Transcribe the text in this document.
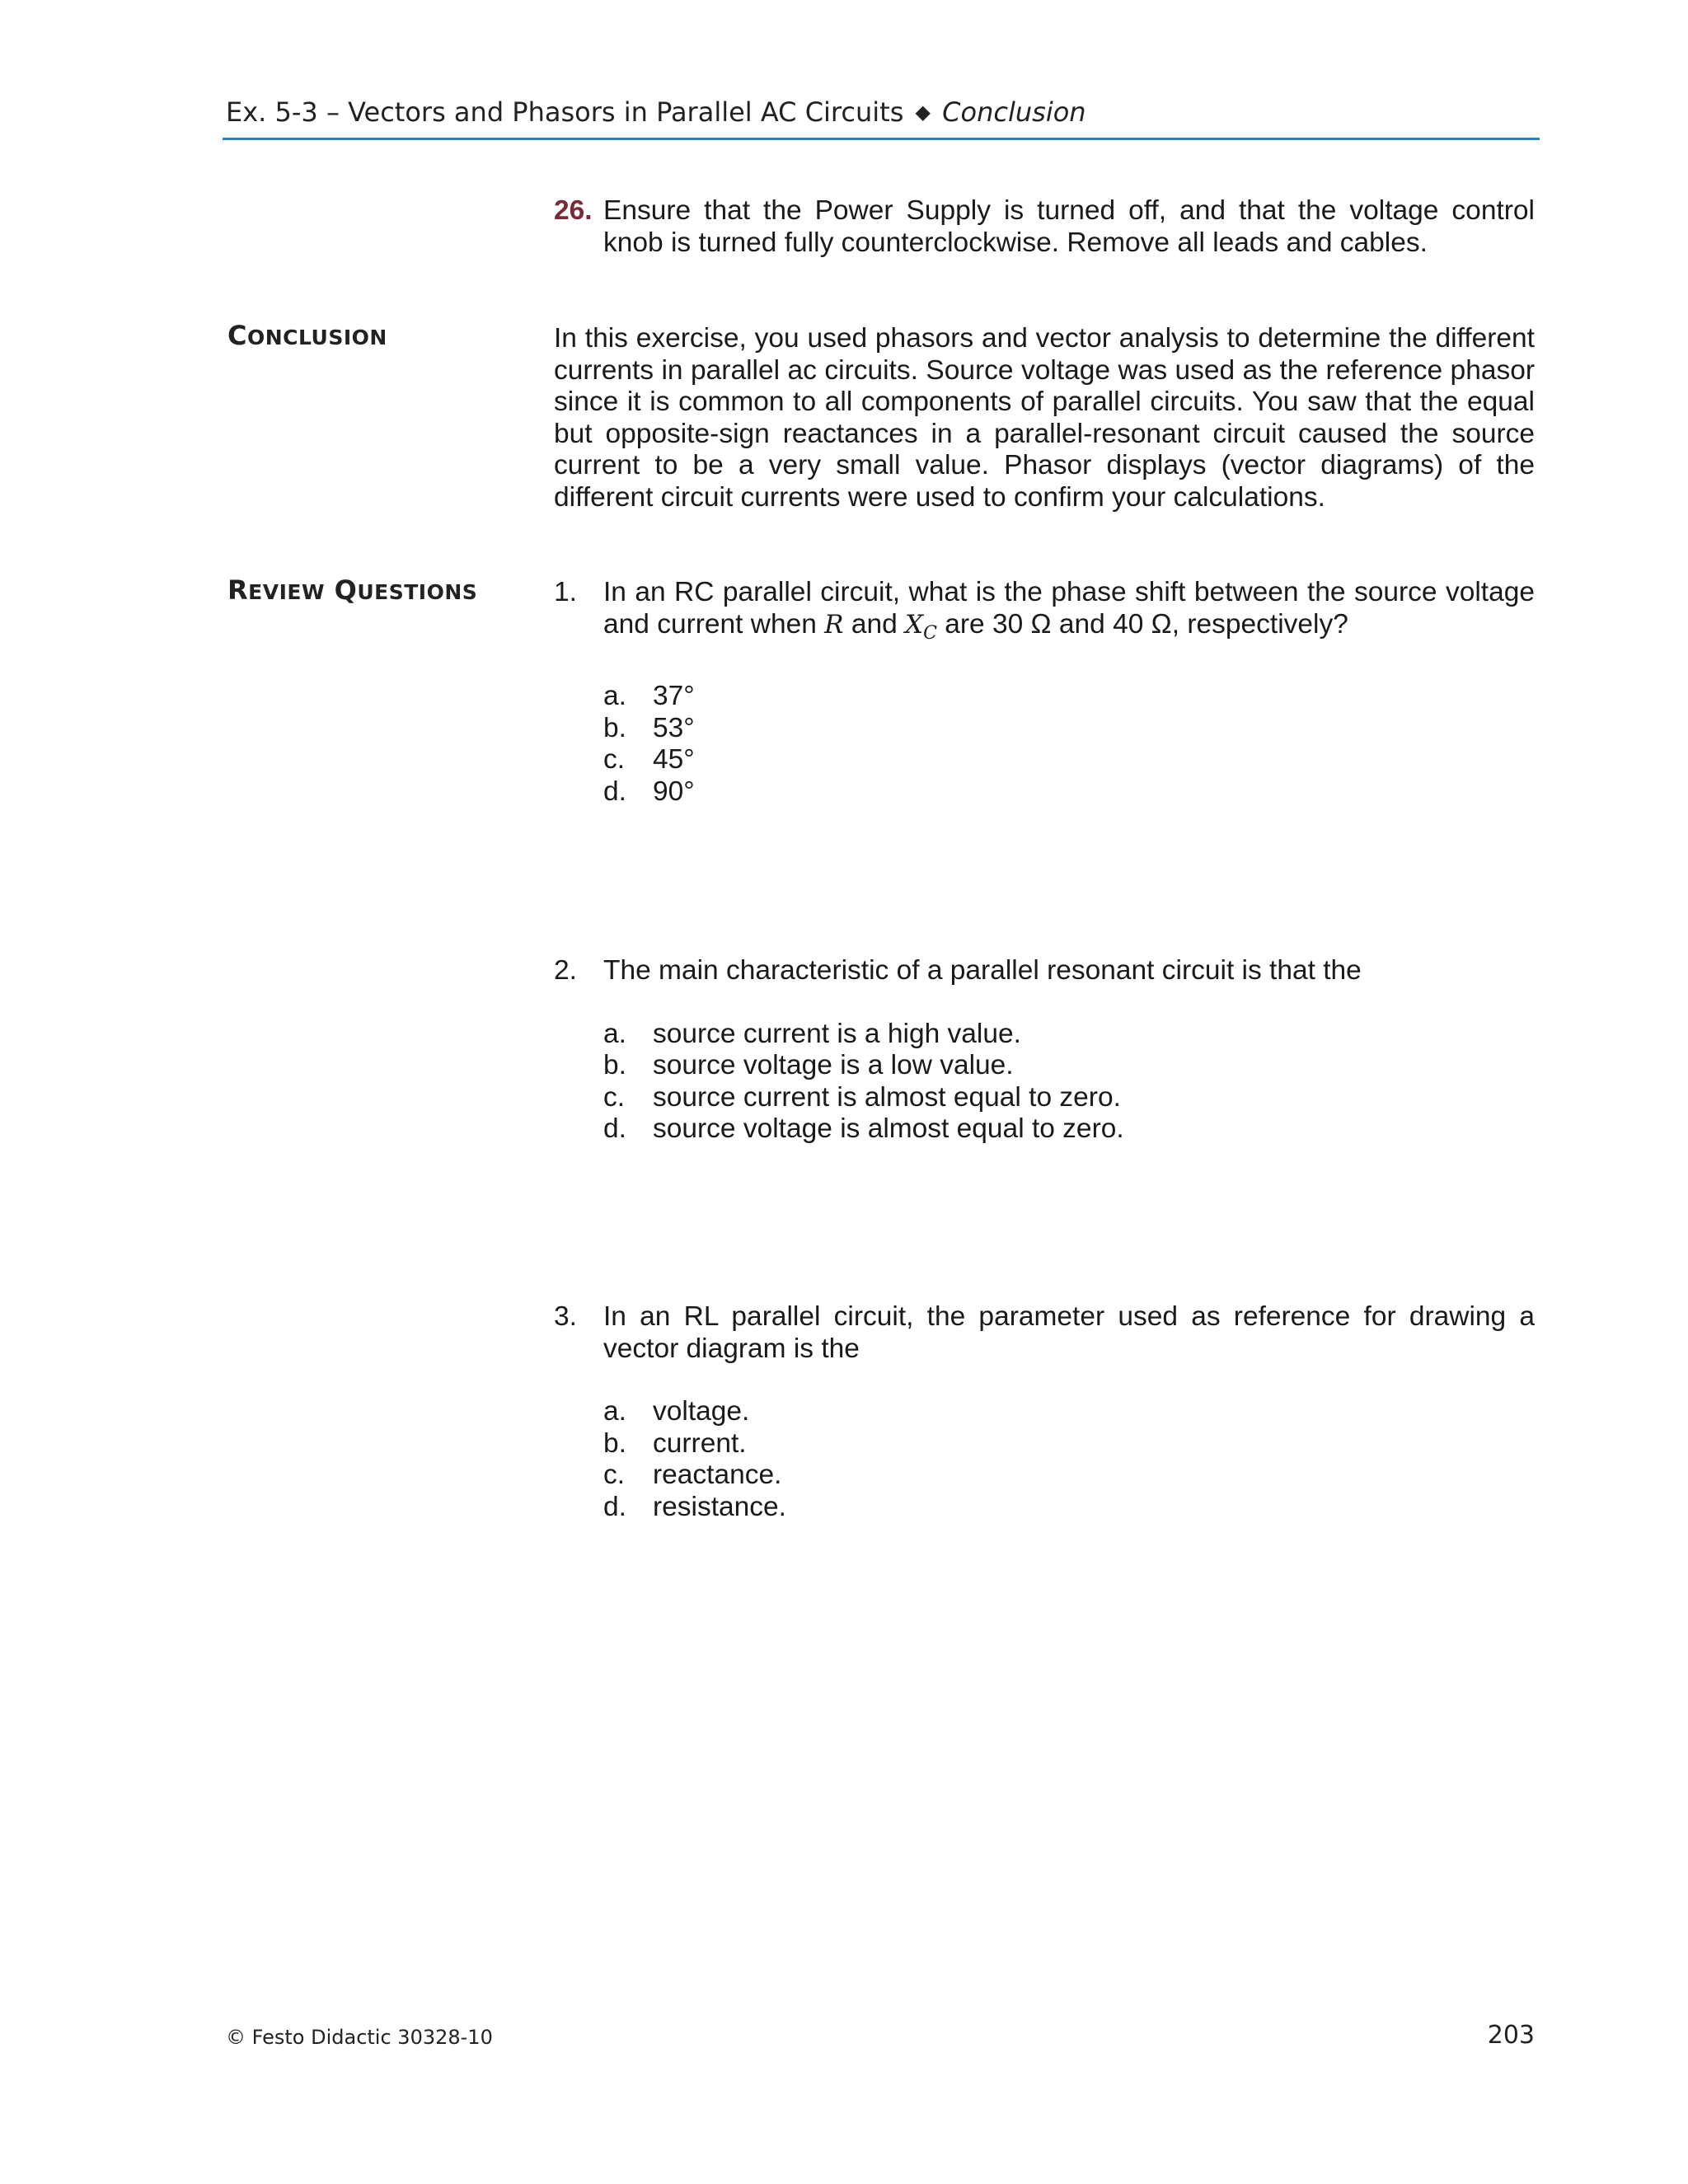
Ex. 5-3 – Vectors and Phasors in Parallel AC Circuits ◆ Conclusion
26. Ensure that the Power Supply is turned off, and that the voltage control knob is turned fully counterclockwise. Remove all leads and cables.
CONCLUSION	In this exercise, you used phasors and vector analysis to determine the different currents in parallel ac circuits. Source voltage was used as the reference phasor since it is common to all components of parallel circuits. You saw that the equal but opposite-sign reactances in a parallel-resonant circuit caused the source current to be a very small value. Phasor displays (vector diagrams) of the different circuit currents were used to confirm your calculations.
REVIEW QUESTIONS	1. In an RC parallel circuit, what is the phase shift between the source voltage and current when R and $X_C$ are 30 Ω and 40 Ω, respectively?
a. 37°
b. 53°
c. 45°
d. 90°
2. The main characteristic of a parallel resonant circuit is that the
a. source current is a high value.
b. source voltage is a low value.
c. source current is almost equal to zero.
d. source voltage is almost equal to zero.
3. In an RL parallel circuit, the parameter used as reference for drawing a vector diagram is the
a. voltage.
b. current.
c. reactance.
d. resistance.
© Festo Didactic 30328-10	203
